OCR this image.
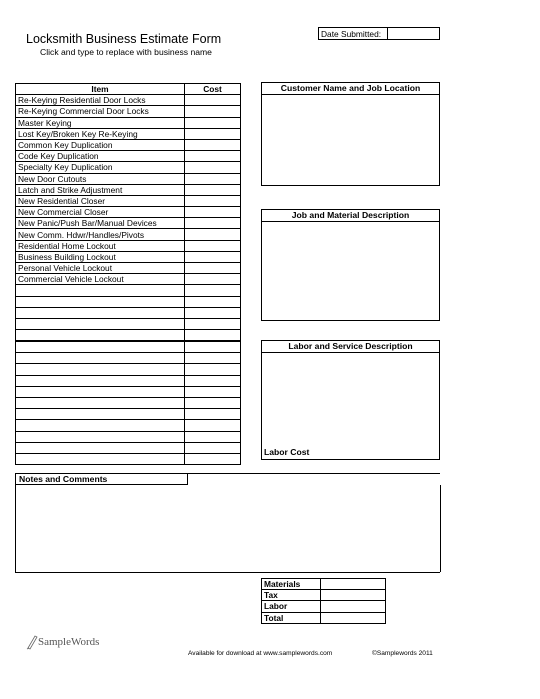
Locksmith Business Estimate Form
Click and type to replace with business name
Date Submitted:	
Item	Cost
Re-Keying Residential Door Locks	
Re-Keying Commercial Door Locks	
Master Keying	
Lost Key/Broken Key Re-Keying	
Common Key Duplication	
Code Key Duplication	
Specialty Key Duplication	
New Door Cutouts	
Latch and Strike Adjustment	
New Residential Closer	
New Commercial Closer	
New Panic/Push Bar/Manual Devices	
New Comm. Hdwr/Handles/Pivots	
Residential Home Lockout	
Business Building Lockout	
Personal Vehicle Lockout	
Commercial Vehicle Lockout	

Customer Name and Job Location
Job and Material Description
Labor and Service Description
Labor Cost
Notes and Comments
Materials	
Tax	
Labor	
Total	
SampleWords
Available for download at www.samplewords.com	©Samplewords 2011
